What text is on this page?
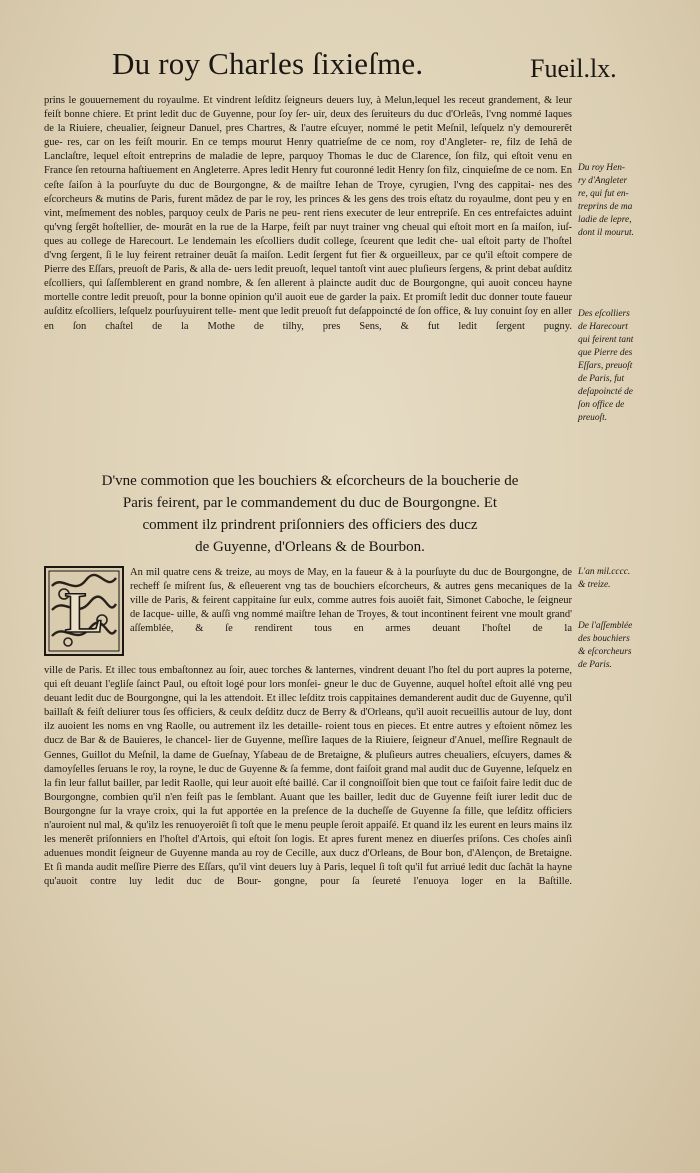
Du roy Charles ſixieſme.	Fueil.lx.

prins le gouuernement du royaulme. Et vindrent leſditz ſeigneurs deuers luy, à Melun,lequel les receut grandement, & leur feiſt bonne chiere. Et print ledit duc de Guyenne, pour ſoy ſer- uir, deux des ſeruiteurs du duc d'Orleãs, l'vng nommé Iaques de la Riuiere, cheualier, ſeigneur Danuel, pres Chartres, & l'autre eſcuyer, nommé le petit Meſnil, leſquelz n'y demourerẽt gue- res, car on les feiſt mourir. En ce temps mourut Henry quatrieſme de ce nom, roy d'Angleter- re, filz de Iehã de Lanclaſtre, lequel eſtoit entreprins de maladie de lepre, parquoy Thomas le duc de Clarence, ſon filz, qui eſtoit venu en France ſen retourna haſtiuement en Angleterre. Apres ledit Henry fut couronné ledit Henry ſon filz, cinquieſme de ce nom. En ceſte ſaiſon à la pourſuyte du duc de Bourgongne, & de maiſtre Iehan de Troye, cyrugien, l'vng des cappitai- nes des eſcorcheurs & mutins de Paris, furent mãdez de par le roy, les princes & les gens des trois eſtatz du royaulme, dont peu y en vint, meſmement des nobles, parquoy ceulx de Paris ne peu- rent riens executer de leur entrepriſe. En ces entrefaictes aduint qu'vng ſergẽt hoſtellier, de- mourãt en la rue de la Harpe, feiſt par nuyt trainer vng cheual qui eſtoit mort en ſa maiſon, iuſ- ques au college de Harecourt. Le lendemain les eſcolliers dudit college, ſceurent que ledit che- ual eſtoit party de l'hoſtel d'vng ſergent, ſi le luy feirent retrainer deuãt ſa maiſon. Ledit ſergent fut fier & orgueilleux, par ce qu'il eſtoit compere de Pierre des Eſſars, preuoſt de Paris, & alla de- uers ledit preuoſt, lequel tantoſt vint auec pluſieurs ſergens, & print debat auſditz eſcolliers, qui ſaſſemblerent en grand nombre, & ſen allerent à plaincte audit duc de Bourgongne, qui auoit conceu hayne mortelle contre ledit preuoſt, pour la bonne opinion qu'il auoit eue de garder la paix. Et promiſt ledit duc donner toute faueur auſditz eſcolliers, leſquelz pourſuyuirent telle- ment que ledit preuoſt fut deſappoincté de ſon office, & luy conuint ſoy en aller en ſon chaſtel de la Mothe de tilhy, pres Sens, & fut ledit ſergent pugny.

D'vne commotion que les bouchiers & eſcorcheurs de la boucherie de
Paris feirent, par le commandement du duc de Bourgongne. Et
comment ilz prindrent priſonniers des officiers des ducz
de Guyenne, d'Orleans & de Bourbon.
L

An mil quatre cens & treize, au moys de May, en la faueur & à la pourſuyte du duc de Bourgongne, de recheff ſe miſrent ſus, & eſleuerent vng tas de bouchiers eſcorcheurs, & autres gens mecaniques de la ville de Paris, & feirent cappitaine ſur eulx, comme autres fois auoiẽt fait, Simonet Caboche, le ſeigneur de Iacque- uille, & auſſi vng nommé maiſtre Iehan de Troyes, & tout incontinent feirent vne moult grand' aſſemblée, & ſe rendirent tous en armes deuant l'hoſtel de la

ville de Paris. Et illec tous embaſtonnez au ſoir, auec torches & lanternes, vindrent deuant l'ho ſtel du port aupres la poterne, qui eſt deuant l'egliſe ſainct Paul, ou eſtoit logé pour lors monſei- gneur le duc de Guyenne, auquel hoſtel eſtoit allé vng peu deuant ledit duc de Bourgongne, qui la les attendoit. Et illec leſditz trois cappitaines demanderent audit duc de Guyenne, qu'il baillaſt & feiſt deliurer tous ſes officiers, & ceulx deſditz ducz de Berry & d'Orleans, qu'il auoit recueillis autour de luy, dont ilz auoient les noms en vng Raolle, ou autrement ilz les detaille- roient tous en pieces. Et entre autres y eſtoient nõmez les ducz de Bar & de Bauieres, le chancel- lier de Guyenne, meſſire Iaques de la Riuiere, ſeigneur d'Anuel, meſſire Regnault de Gennes, Guillot du Meſnil, la dame de Gueſnay, Yſabeau de de Bretaigne, & pluſieurs autres cheualiers, eſcuyers, dames & damoyſelles ſeruans le roy, la royne, le duc de Guyenne & ſa femme, dont faiſoit grand mal audit duc de Guyenne, leſquelz en la fin leur fallut bailler, par ledit Raolle, qui leur auoit eſté baillé. Car il congnoiſſoit bien que tout ce faiſoit faire ledit duc de Bourgongne, combien qu'il n'en feiſt pas le ſemblant. Auant que les bailler, ledit duc de Guyenne feiſt iurer ledit duc de Bourgongne ſur la vraye croix, qui la fut apportée en la preſence de la ducheſſe de Guyenne ſa fille, que leſditz officiers n'auroient nul mal, & qu'ilz les renuoyeroiẽt ſi toſt que le menu peuple ſeroit appaiſé. Et quand ilz les eurent en leurs mains ilz les menerẽt priſonniers en l'hoſtel d'Artois, qui eſtoit ſon logis. Et apres furent menez en diuerſes priſons. Ces choſes ainſi aduenues mondit ſeigneur de Guyenne manda au roy de Cecille, aux ducz d'Orleans, de Bour bon, d'Alençon, de Bretaigne. Et ſi manda audit meſſire Pierre des Eſſars, qu'il vint deuers luy à Paris, lequel ſi toſt qu'il fut arriué ledit duc ſachãt la hayne qu'auoit contre luy ledit duc de Bour- gongne, pour ſa ſeureté l'enuoya loger en la Baſtille.

Du roy Hen-
ry d'Angleter
re, qui fut en-
treprins de ma
ladie de lepre,
dont il mourut.

Des eſcolliers
de Harecourt
qui feirent tant
que Pierre des
Eſſars, preuoſt
de Paris, fut
deſapoincté de
ſon office de
preuoſt.

L'an mil.cccc.
& treize.

De l'aſſemblée
des bouchiers
& eſcorcheurs
de Paris.
